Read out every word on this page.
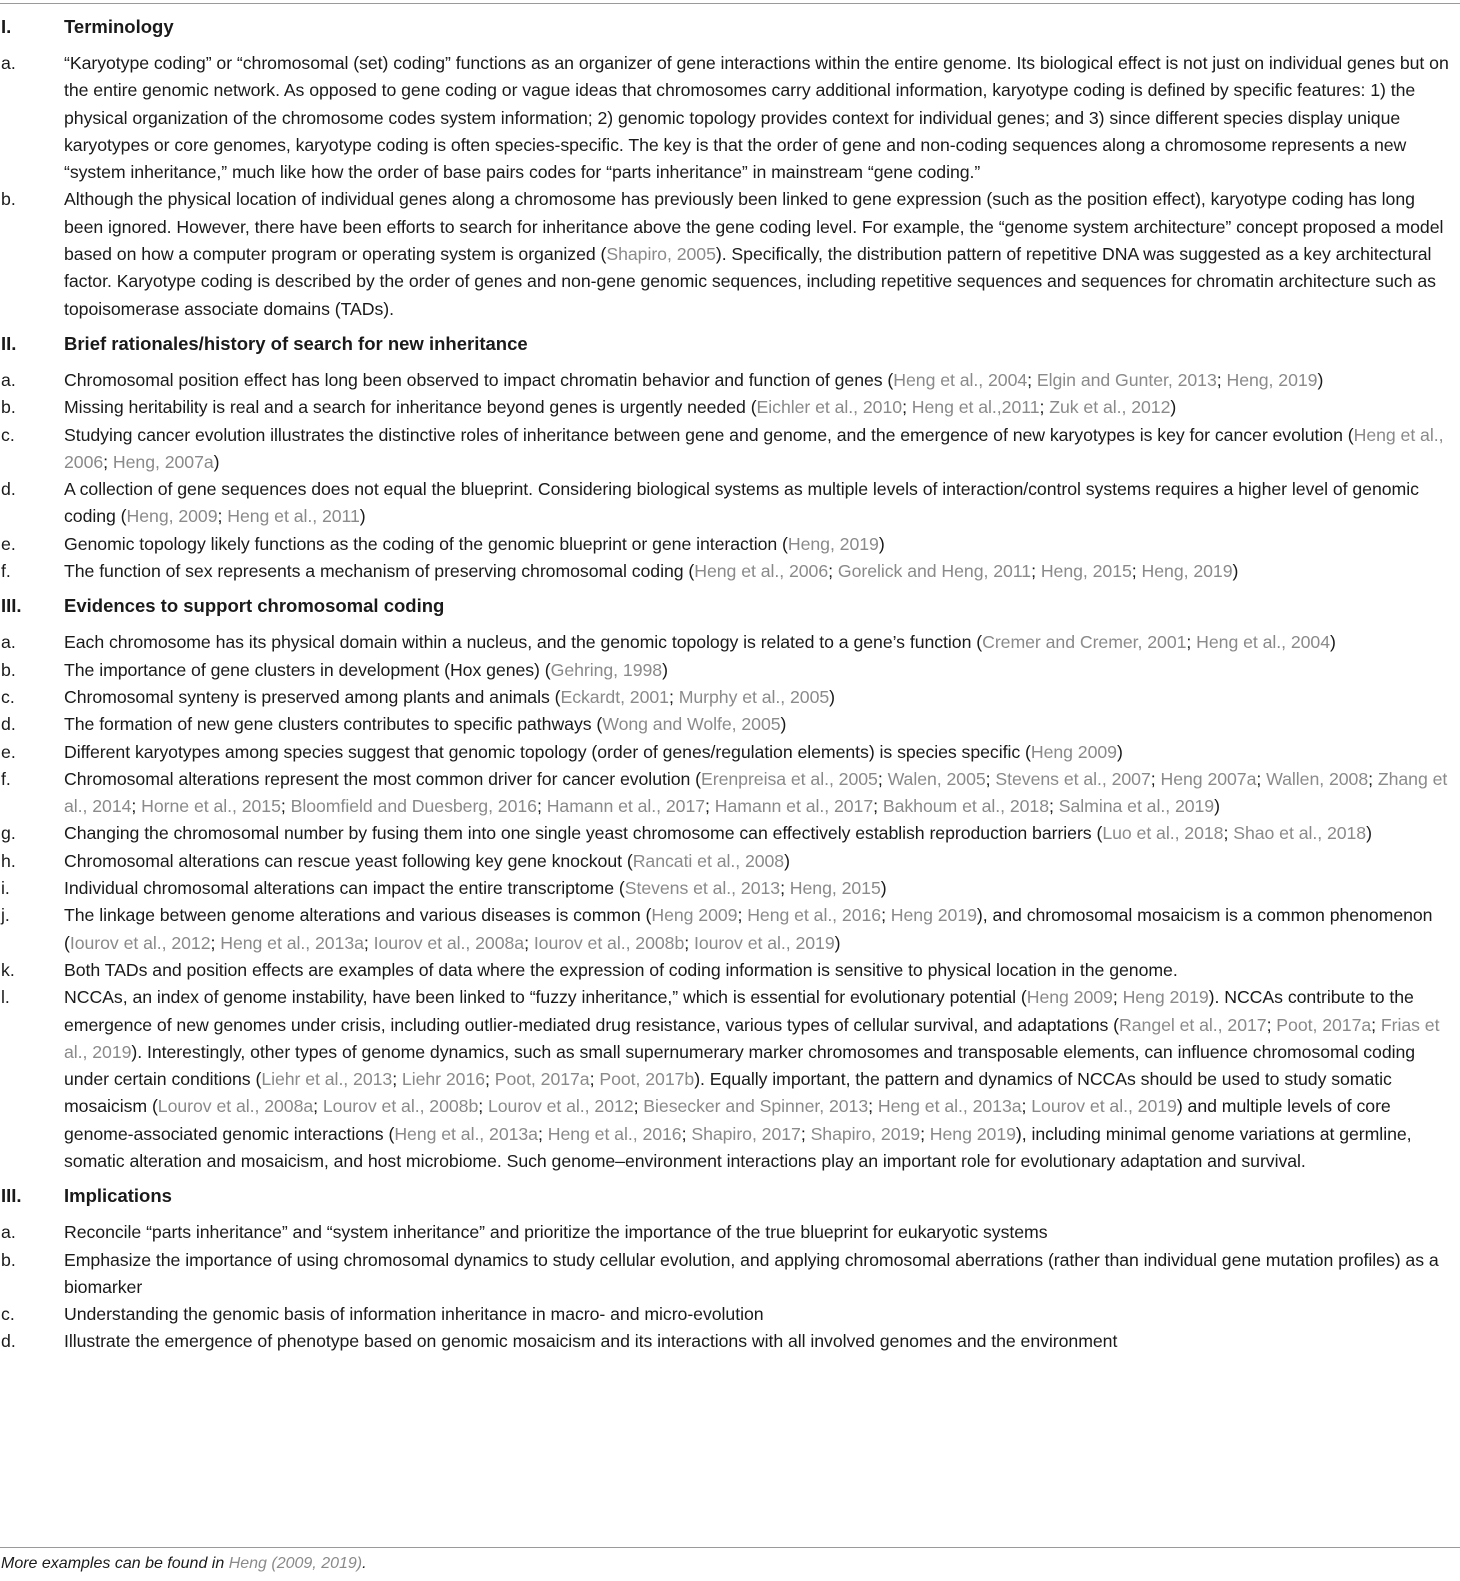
I.	Terminology
a.	“Karyotype coding” or “chromosomal (set) coding” functions as an organizer of gene interactions within the entire genome. Its biological effect is not just on individual genes but on the entire genomic network. As opposed to gene coding or vague ideas that chromosomes carry additional information, karyotype coding is defined by specific features: 1) the physical organization of the chromosome codes system information; 2) genomic topology provides context for individual genes; and 3) since different species display unique karyotypes or core genomes, karyotype coding is often species-specific. The key is that the order of gene and non-coding sequences along a chromosome represents a new “system inheritance,” much like how the order of base pairs codes for “parts inheritance” in mainstream “gene coding.”
b.	Although the physical location of individual genes along a chromosome has previously been linked to gene expression (such as the position effect), karyotype coding has long been ignored. However, there have been efforts to search for inheritance above the gene coding level. For example, the “genome system architecture” concept proposed a model based on how a computer program or operating system is organized (Shapiro, 2005). Specifically, the distribution pattern of repetitive DNA was suggested as a key architectural factor. Karyotype coding is described by the order of genes and non-gene genomic sequences, including repetitive sequences and sequences for chromatin architecture such as topoisomerase associate domains (TADs).
II.	Brief rationales/history of search for new inheritance
a.	Chromosomal position effect has long been observed to impact chromatin behavior and function of genes (Heng et al., 2004; Elgin and Gunter, 2013; Heng, 2019)
b.	Missing heritability is real and a search for inheritance beyond genes is urgently needed (Eichler et al., 2010; Heng et al.,2011; Zuk et al., 2012)
c.	Studying cancer evolution illustrates the distinctive roles of inheritance between gene and genome, and the emergence of new karyotypes is key for cancer evolution (Heng et al., 2006; Heng, 2007a)
d.	A collection of gene sequences does not equal the blueprint. Considering biological systems as multiple levels of interaction/control systems requires a higher level of genomic coding (Heng, 2009; Heng et al., 2011)
e.	Genomic topology likely functions as the coding of the genomic blueprint or gene interaction (Heng, 2019)
f.	The function of sex represents a mechanism of preserving chromosomal coding (Heng et al., 2006; Gorelick and Heng, 2011; Heng, 2015; Heng, 2019)
III.	Evidences to support chromosomal coding
a.	Each chromosome has its physical domain within a nucleus, and the genomic topology is related to a gene’s function (Cremer and Cremer, 2001; Heng et al., 2004)
b.	The importance of gene clusters in development (Hox genes) (Gehring, 1998)
c.	Chromosomal synteny is preserved among plants and animals (Eckardt, 2001; Murphy et al., 2005)
d.	The formation of new gene clusters contributes to specific pathways (Wong and Wolfe, 2005)
e.	Different karyotypes among species suggest that genomic topology (order of genes/regulation elements) is species specific (Heng 2009)
f.	Chromosomal alterations represent the most common driver for cancer evolution (Erenpreisa et al., 2005; Walen, 2005; Stevens et al., 2007; Heng 2007a; Wallen, 2008; Zhang et al., 2014; Horne et al., 2015; Bloomfield and Duesberg, 2016; Hamann et al., 2017; Hamann et al., 2017; Bakhoum et al., 2018; Salmina et al., 2019)
g.	Changing the chromosomal number by fusing them into one single yeast chromosome can effectively establish reproduction barriers (Luo et al., 2018; Shao et al., 2018)
h.	Chromosomal alterations can rescue yeast following key gene knockout (Rancati et al., 2008)
i.	Individual chromosomal alterations can impact the entire transcriptome (Stevens et al., 2013; Heng, 2015)
j.	The linkage between genome alterations and various diseases is common (Heng 2009; Heng et al., 2016; Heng 2019), and chromosomal mosaicism is a common phenomenon (Iourov et al., 2012; Heng et al., 2013a; Iourov et al., 2008a; Iourov et al., 2008b; Iourov et al., 2019)
k.	Both TADs and position effects are examples of data where the expression of coding information is sensitive to physical location in the genome.
l.	NCCAs, an index of genome instability, have been linked to “fuzzy inheritance,” which is essential for evolutionary potential (Heng 2009; Heng 2019). NCCAs contribute to the emergence of new genomes under crisis, including outlier-mediated drug resistance, various types of cellular survival, and adaptations (Rangel et al., 2017; Poot, 2017a; Frias et al., 2019). Interestingly, other types of genome dynamics, such as small supernumerary marker chromosomes and transposable elements, can influence chromosomal coding under certain conditions (Liehr et al., 2013; Liehr 2016; Poot, 2017a; Poot, 2017b). Equally important, the pattern and dynamics of NCCAs should be used to study somatic mosaicism (Lourov et al., 2008a; Lourov et al., 2008b; Lourov et al., 2012; Biesecker and Spinner, 2013; Heng et al., 2013a; Lourov et al., 2019) and multiple levels of core genome-associated genomic interactions (Heng et al., 2013a; Heng et al., 2016; Shapiro, 2017; Shapiro, 2019; Heng 2019), including minimal genome variations at germline, somatic alteration and mosaicism, and host microbiome. Such genome–environment interactions play an important role for evolutionary adaptation and survival.
III.	Implications
a.	Reconcile “parts inheritance” and “system inheritance” and prioritize the importance of the true blueprint for eukaryotic systems
b.	Emphasize the importance of using chromosomal dynamics to study cellular evolution, and applying chromosomal aberrations (rather than individual gene mutation profiles) as a biomarker
c.	Understanding the genomic basis of information inheritance in macro- and micro-evolution
d.	Illustrate the emergence of phenotype based on genomic mosaicism and its interactions with all involved genomes and the environment
More examples can be found in Heng (2009, 2019).
